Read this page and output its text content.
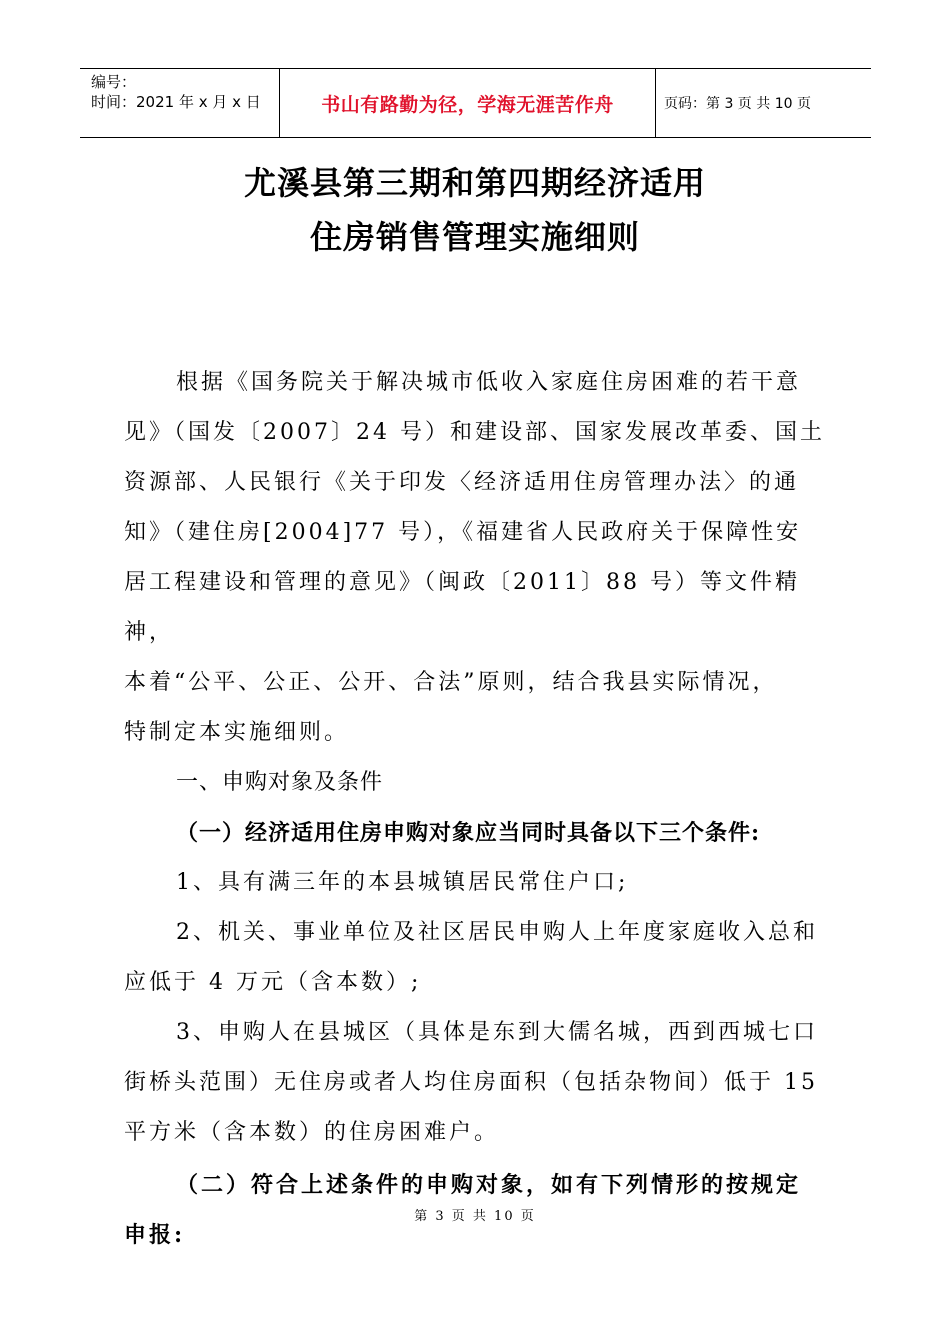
编号：
时间：2021 年 x 月 x 日	书山有路勤为径，学海无涯苦作舟	页码：第 3 页 共 10 页
尤溪县第三期和第四期经济适用
住房销售管理实施细则
根据《国务院关于解决城市低收入家庭住房困难的若干意
见》（国发〔2007〕24 号）和建设部、国家发展改革委、国土
资源部、人民银行《关于印发〈经济适用住房管理办法〉的通
知》（建住房[2004]77 号），《福建省人民政府关于保障性安
居工程建设和管理的意见》（闽政〔2011〕88 号）等文件精神，
本着“公平、公正、公开、合法”原则，结合我县实际情况，
特制定本实施细则。
一、申购对象及条件
（一）经济适用住房申购对象应当同时具备以下三个条件:
1、具有满三年的本县城镇居民常住户口;
2、机关、事业单位及社区居民申购人上年度家庭收入总和
应低于 4 万元（含本数）;
3、申购人在县城区（具体是东到大儒名城，西到西城七口
街桥头范围）无住房或者人均住房面积（包括杂物间）低于 15
平方米（含本数）的住房困难户。
（二）符合上述条件的申购对象，如有下列情形的按规定
申报:
第 3 页 共 10 页
